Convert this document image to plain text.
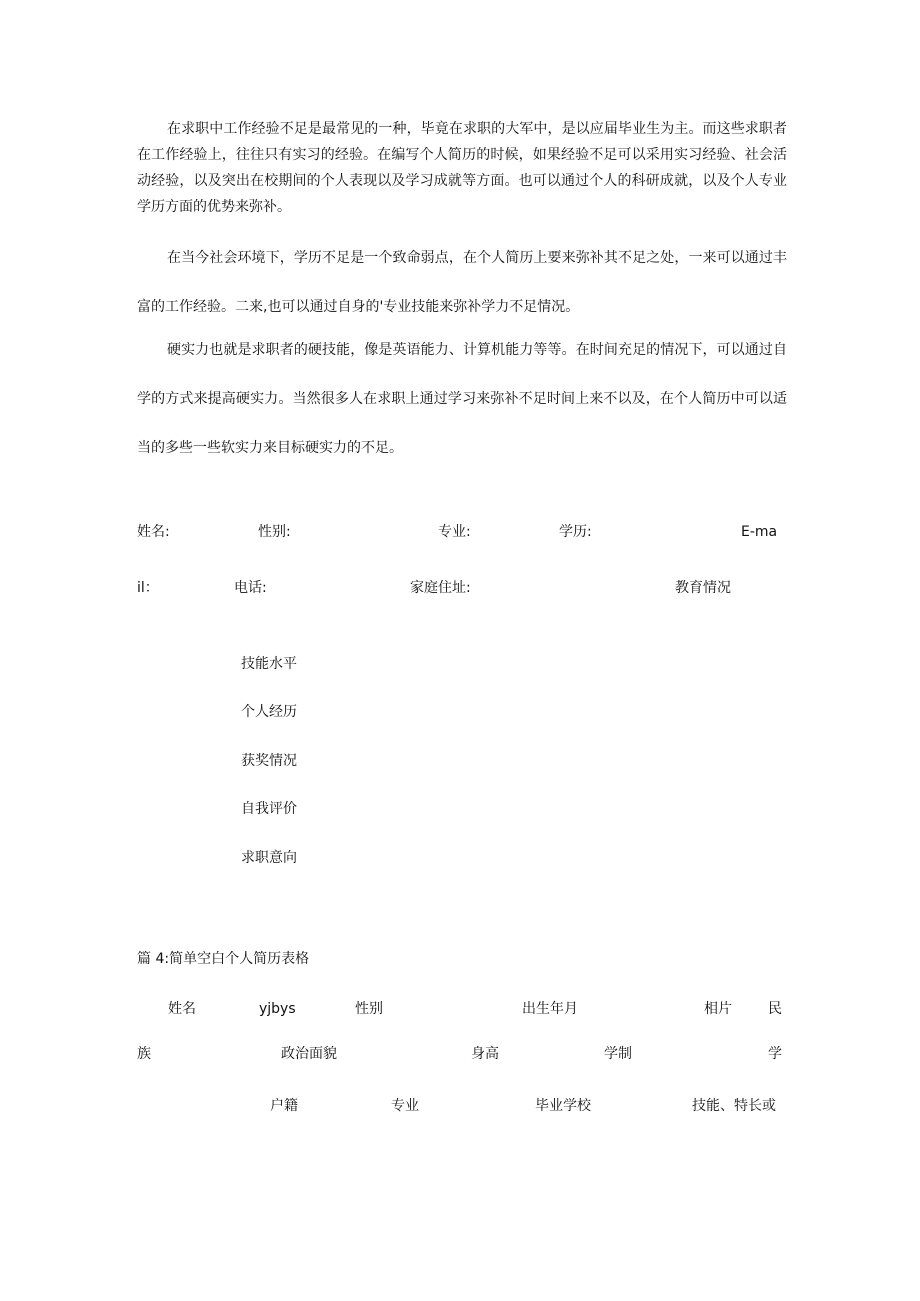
在求职中工作经验不足是最常见的一种，毕竟在求职的大军中，是以应届毕业生为主。而这些求职者在工作经验上，往往只有实习的经验。在编写个人简历的时候，如果经验不足可以采用实习经验、社会活动经验，以及突出在校期间的个人表现以及学习成就等方面。也可以通过个人的科研成就，以及个人专业学历方面的优势来弥补。

在当今社会环境下，学历不足是一个致命弱点，在个人简历上要来弥补其不足之处，一来可以通过丰富的工作经验。二来,也可以通过自身的'专业技能来弥补学力不足情况。

硬实力也就是求职者的硬技能，像是英语能力、计算机能力等等。在时间充足的情况下，可以通过自学的方式来提高硬实力。当然很多人在求职上通过学习来弥补不足时间上来不以及，在个人简历中可以适当的多些一些软实力来目标硬实力的不足。

姓名:	性别:	专业:	学历:	E-ma
il：	电话:	家庭住址:	教育情况
技能水平
个人经历
获奖情况
自我评价
求职意向
篇 4:简单空白个人简历表格
姓名	yjbys	性别	出生年月	相片	民
族	政治面貌	身高	学制	学
户籍	专业	毕业学校	技能、特长或
